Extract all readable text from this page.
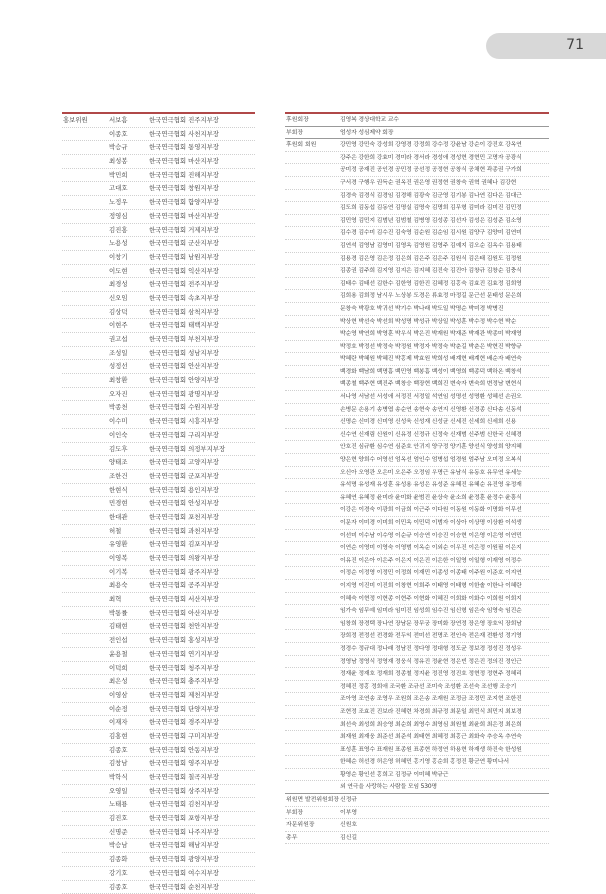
71
홍보위원	서보흠	한국연극협회 진주지부장
이종호	한국연극협회 사천지부장
박승규	한국연극협회 통영지부장
최성봉	한국연극협회 마산지부장
박민희	한국연극협회 진해지부장
고대호	한국연극협회 창원지부장
노정우	한국연극협회 함양지부장
정영심	한국연극협회 마산지부장
김진홍	한국연극협회 거제지부장
노용성	한국연극협회 군산지부장
이창기	한국연극협회 남원지부장
이도현	한국연극협회 익산지부장
최경성	한국연극협회 전주지부장
신오임	한국연극협회 속초지부장
김상덕	한국연극협회 삼척지부장
이현주	한국연극협회 태백지부장
권고섭	한국연극협회 부천지부장
조성일	한국연극협회 성남지부장
성정선	한국연극협회 안산지부장
최창환	한국연극협회 안양지부장
오자진	한국연극협회 광명지부장
박종천	한국연극협회 수원지부장
이수미	한국연극협회 시흥지부장
이인숙	한국연극협회 구리지부장
김도후	한국연극협회 의정부지부장
양태조	한국연극협회 고양지부장
조한건	한국연극협회 군포지부장
한현식	한국연극협회 용인지부장
민경현	한국연극협회 안성지부장
한대관	한국연극협회 포천지부장
허철	한국연극협회 과천지부장
유영환	한국연극협회 김포지부장
이영복	한국연극협회 의왕지부장
이기복	한국연극협회 광주지부장
최용숙	한국연극협회 공주지부장
최혁	한국연극협회 서산지부장
박통률	한국연극협회 아산지부장
김태현	한국연극협회 천안지부장
전인섭	한국연극협회 홍성지부장
윤용철	한국연극협회 연기지부장
이덕희	한국연극협회 청주지부장
최은성	한국연극협회 충주지부장
이영삼	한국연극협회 제천지부장
이순정	한국연극협회 단양지부장
이재자	한국연극협회 경주지부장
김홍현	한국연극협회 구미지부장
김종호	한국연극협회 안동지부장
김창남	한국연극협회 영주지부장
박학식	한국연극협회 칠곡지부장
오영일	한국연극협회 상주지부장
노태룡	한국연극협회 김천지부장
김진호	한국연극협회 포항지부장
신명준	한국연극협회 나주지부장
박승남	한국연극협회 해남지부장
김종화	한국연극협회 광양지부장
강기호	한국연극협회 여수지부장
김종호	한국연극협회 순천지부장
후원회장	김영복 경상대학교 교수
부회장	엄성자 성심제약 회장
후원회 회원	강민영 강민숙 강성희 강영경 강정희 강수정 강윤남 강순이 강진호 강옥연
강주은 강한희 강효미 경미라 경서라 경성애 경성현 경현민 고명자 공광식
공미정 공재진 공인경 공민정 공선정 공정현 공창식 공채현 곽종권 구가희
구서경 구행우 권득순 권옥진 권은영 권정현 권창숙 권혁 권혜나 김강현
김경숙 김경식 김경임 김경해 김광숙 김군영 김기봉 김나연 김다은 김대근
김도희 김동섭 김동연 김명실 김명숙 김명희 김무형 김미라 김미진 김민정
김민영 김민지 김범년 김범철 김병영 김성종 김선자 김성은 김성준 김소영
김수경 김수미 김수진 김숙영 김순원 김순임 김시원 김양구 김양미 김연미
김연석 김영남 김영미 김영옥 김영원 김영주 김예지 김오순 김옥수 김용태
김용경 김은영 김은정 김은희 김은주 김은주 김원식 김은태 김원도 김정원
김종권 김주희 김지영 김지은 김지혜 김진숙 김진아 김창규 김창순 김충식
김태수 김태선 김한수 김한영 김한진 김혜정 김홍숙 김효진 김효정 김희영
김희용 김희정 남시우 노상봉 도경은 류효정 마정길 문근선 문태성 문은희
문창숙 박광호 박귀선 박기수 박나래 박도일 박명순 박미경 박병진
박상현 박선숙 박선희 박성명 박성규 박상일 박성훈 박수정 박수현 박순
박순영 박연희 박영훈 박우식 박은진 박재원 박재준 박재관 박종미 박재영
박정호 박정선 박정숙 박정원 박정자 박정숙 박춘길 박춘은 박현진 박향규
박혜란 박혜원 박혜진 박홍제 박효원 박희성 배계현 배계현 배순자 배연숙
백경화 백남희 백명흠 백민영 백봉흠 백성이 백영희 백종덕 백하온 백창석
백종철 백주현 백진주 백창승 백장현 백희진 변숙자 변숙희 변정남 변현식
서나영 서남선 서성애 서정진 서정일 석연임 성명선 성명환 성혜선 손권오
손병문 손용기 송병엽 송순연 송현숙 송연지 신영환 신경종 신다솜 신동석
신명순 신미경 신미영 신성욱 신성재 신성균 신세진 신세희 신세희 신용
신수연 신재림 신원이 신유정 신정규 신정숙 신재범 신주범 신한국 신혜경
안호진 심규환 심수연 심준호 안귀지 양구정 양기훈 양선식 양성희 양지혜
양은현 양희수 어영선 엄옥선 엄인수 엄병섭 엄경원 엄주남 오미정 오복식
오신아 오영관 오은미 오은주 오정임 우명근 유남식 유동호 유무연 유세능
유석명 유성재 유성훈 유성용 유성은 유성준 유혜진 유혜순 유진영 유정재
유혜연 유혜정 윤미라 윤미화 윤범진 윤상숙 윤소희 윤정훈 윤정수 윤흥식
이강은 이경숙 이광희 이금희 이근주 이다원 이동원 이동화 이명화 이무선
이문자 이미경 이미희 이민옥 이민덕 이범자 이상아 이상명 이상환 이석생
이선미 이수남 이수영 이순규 이승연 이승진 이승현 이은영 이은영 이연민
이연순 이영미 이영숙 이영범 이옥순 이외순 이우진 이은정 이원필 이은지
이유진 이은아 이은주 이은지 이은진 이은한 이일영 이일형 이재영 이정수
이정순 이정영 이정민 이정희 이재민 이종성 이종태 이주원 이준호 이지연
이지영 이진미 이진희 이창현 이희주 이태영 이태형 이한솔 이한나 이혜란
이혜숙 이현정 이현종 이현주 이현화 이혜진 이희화 이화수 이희원 이희지
임가숙 임무예 임미라 임미진 임성희 임수진 임신형 임은숙 임영숙 임진순
임창희 장경택 장나연 장남문 장무궁 장미화 장연정 장은영 장호익 장희남
장희정 전정선 전경화 전두익 전미선 전명조 전인숙 전은재 전환성 정기영
정경수 정규대 정나래 정남진 정다영 정대형 정도균 정보경 정성진 정성우
정영남 정영식 정영재 정웅식 정유진 정윤현 정은빈 정은진 정의진 정인근
정재윤 정재호 정재희 정종철 정지윤 정진영 정진호 정현정 정현주 정혜리
정혜진 정홍 정희애 조국환 조규선 조미숙 조성환 조선숙 조선행 조승기
조아영 조연송 조영우 조원희 조은송 조재원 조정금 조정민 조지현 조한진
조현정 조효진 진보라 진혜련 차경희 최규정 최문일 최민식 최민지 최보경
최선숙 최성희 최승영 최순희 최영수 최영심 최원철 최윤희 최은정 최은희
최재원 최재웅 최준선 최준석 최태현 최혜정 최홍근 최화숙 추승옥 추연숙
표성훈 표영수 표재원 표종원 표종현 하정연 하용현 하재생 하진숙 한성원
한혜순 허선경 허은영 허혜민 홍기영 홍순희 홍정진 황군연 황미나서
황영순 황인선 홍희고 김정규 이미혜 박규근
외 연극을 사랑하는 사람들 모임 530명
위원면 발전위원회장 신정규
부회장	이부영
자문위원장	신원호
총무	김신길
